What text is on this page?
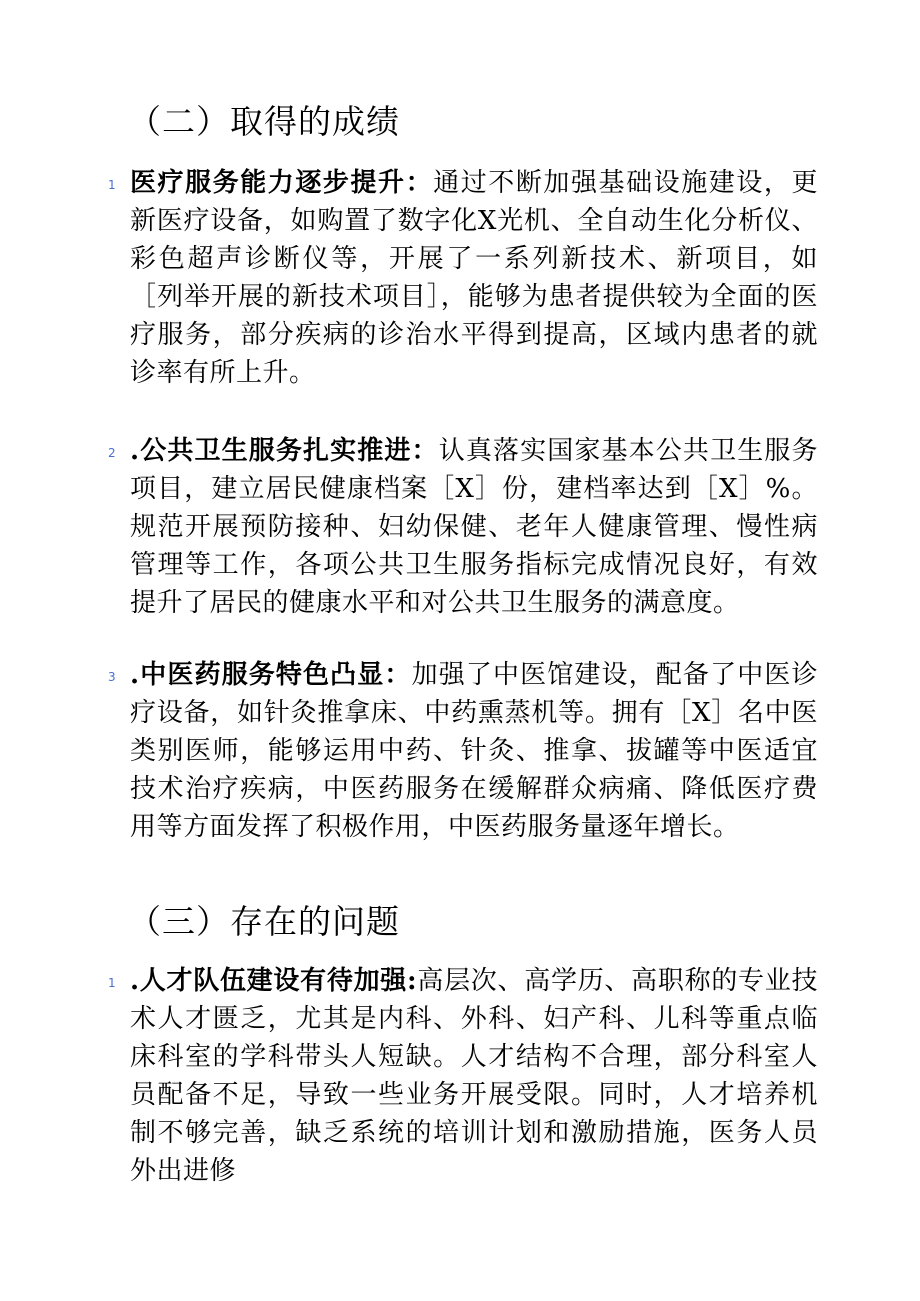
（二）取得的成绩
1 医疗服务能力逐步提升：通过不断加强基础设施建设，更新医疗设备，如购置了数字化X光机、全自动生化分析仪、彩色超声诊断仪等，开展了一系列新技术、新项目，如［列举开展的新技术项目］，能够为患者提供较为全面的医疗服务，部分疾病的诊治水平得到提高，区域内患者的就诊率有所上升。

2 .公共卫生服务扎实推进：认真落实国家基本公共卫生服务项目，建立居民健康档案［X］份，建档率达到［X］%。规范开展预防接种、妇幼保健、老年人健康管理、慢性病管理等工作，各项公共卫生服务指标完成情况良好，有效提升了居民的健康水平和对公共卫生服务的满意度。

3 .中医药服务特色凸显：加强了中医馆建设，配备了中医诊疗设备，如针灸推拿床、中药熏蒸机等。拥有［X］名中医类别医师，能够运用中药、针灸、推拿、拔罐等中医适宜技术治疗疾病，中医药服务在缓解群众病痛、降低医疗费用等方面发挥了积极作用，中医药服务量逐年增长。

（三）存在的问题
1 .人才队伍建设有待加强:高层次、高学历、高职称的专业技术人才匮乏，尤其是内科、外科、妇产科、儿科等重点临床科室的学科带头人短缺。人才结构不合理，部分科室人员配备不足，导致一些业务开展受限。同时，人才培养机制不够完善，缺乏系统的培训计划和激励措施，医务人员外出进修
